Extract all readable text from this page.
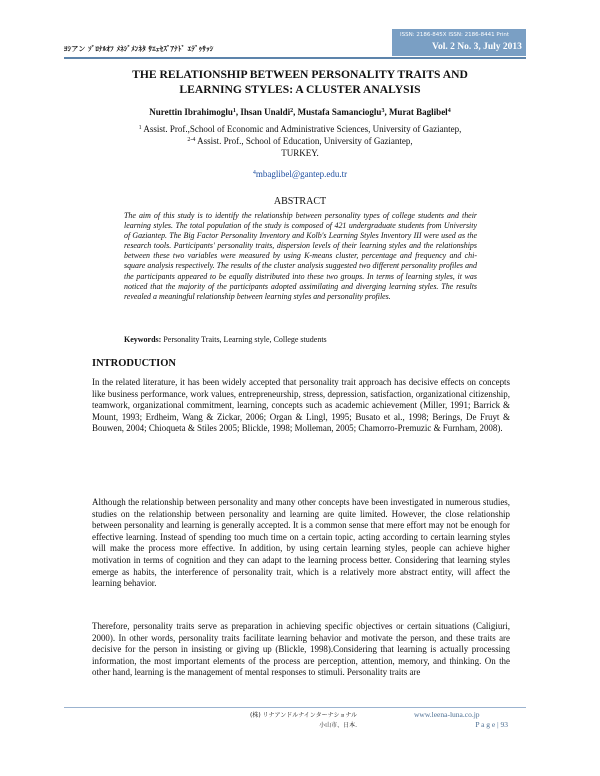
ﾖｼアン ｿﾞﾛﾅﾙｵﾌ ﾒﾈｼﾞﾒﾝﾈﾀ ｻｴｪｾｽﾞｱﾅﾄﾞ ｴﾃﾞｩｻｯｼ
ISSN: 2186-845X ISSN: 2186-8441 Print
Vol. 2 No. 3, July 2013
THE RELATIONSHIP BETWEEN PERSONALITY TRAITS AND
LEARNING STYLES: A CLUSTER ANALYSIS
Nurettin Ibrahimoglu$^1$, Ihsan Unaldi$^2$, Mustafa Samancioglu$^3$, Murat Baglibel$^4$
$^1$ Assist. Prof.,School of Economic and Administrative Sciences, University of Gaziantep,
$^{2-4}$ Assist. Prof., School of Education, University of Gaziantep,
TURKEY.
$^4$mbaglibel@gantep.edu.tr
ABSTRACT
The aim of this study is to identify the relationship between personality types of college students and their learning styles. The total population of the study is composed of 421 undergraduate students from University of Gaziantep. The Big Factor Personality Inventory and Kolb's Learning Styles Inventory III were used as the research tools. Participants' personality traits, dispersion levels of their learning styles and the relationships between these two variables were measured by using K-means cluster, percentage and frequency and chi-square analysis respectively. The results of the cluster analysis suggested two different personality profiles and the participants appeared to be equally distributed into these two groups. In terms of learning styles, it was noticed that the majority of the participants adopted assimilating and diverging learning styles. The results revealed a meaningful relationship between learning styles and personality profiles.
Keywords: Personality Traits, Learning style, College students
INTRODUCTION
In the related literature, it has been widely accepted that personality trait approach has decisive effects on concepts like business performance, work values, entrepreneurship, stress, depression, satisfaction, organizational citizenship, teamwork, organizational commitment, learning, concepts such as academic achievement (Miller, 1991; Barrick & Mount, 1993; Erdheim, Wang & Zickar, 2006; Organ & Lingl, 1995; Busato et al., 1998; Berings, De Fruyt & Bouwen, 2004; Chioqueta & Stiles 2005; Blickle, 1998; Molleman, 2005; Chamorro-Premuzic & Furnham, 2008).
Although the relationship between personality and many other concepts have been investigated in numerous studies, studies on the relationship between personality and learning are quite limited. However, the close relationship between personality and learning is generally accepted. It is a common sense that mere effort may not be enough for effective learning. Instead of spending too much time on a certain topic, acting according to certain learning styles will make the process more effective. In addition, by using certain learning styles, people can achieve higher motivation in terms of cognition and they can adapt to the learning process better. Considering that learning styles emerge as habits, the interference of personality trait, which is a relatively more abstract entity, will affect the learning behavior.
Therefore, personality traits serve as preparation in achieving specific objectives or certain situations (Caligiuri, 2000). In other words, personality traits facilitate learning behavior and motivate the person, and these traits are decisive for the person in insisting or giving up (Blickle, 1998).Considering that learning is actually processing information, the most important elements of the process are perception, attention, memory, and thinking. On the other hand, learning is the management of mental responses to stimuli. Personality traits are
(株) リナアンドルナインターナショナル
小山市、日本.
www.leena-luna.co.jp
P a g e | 93
